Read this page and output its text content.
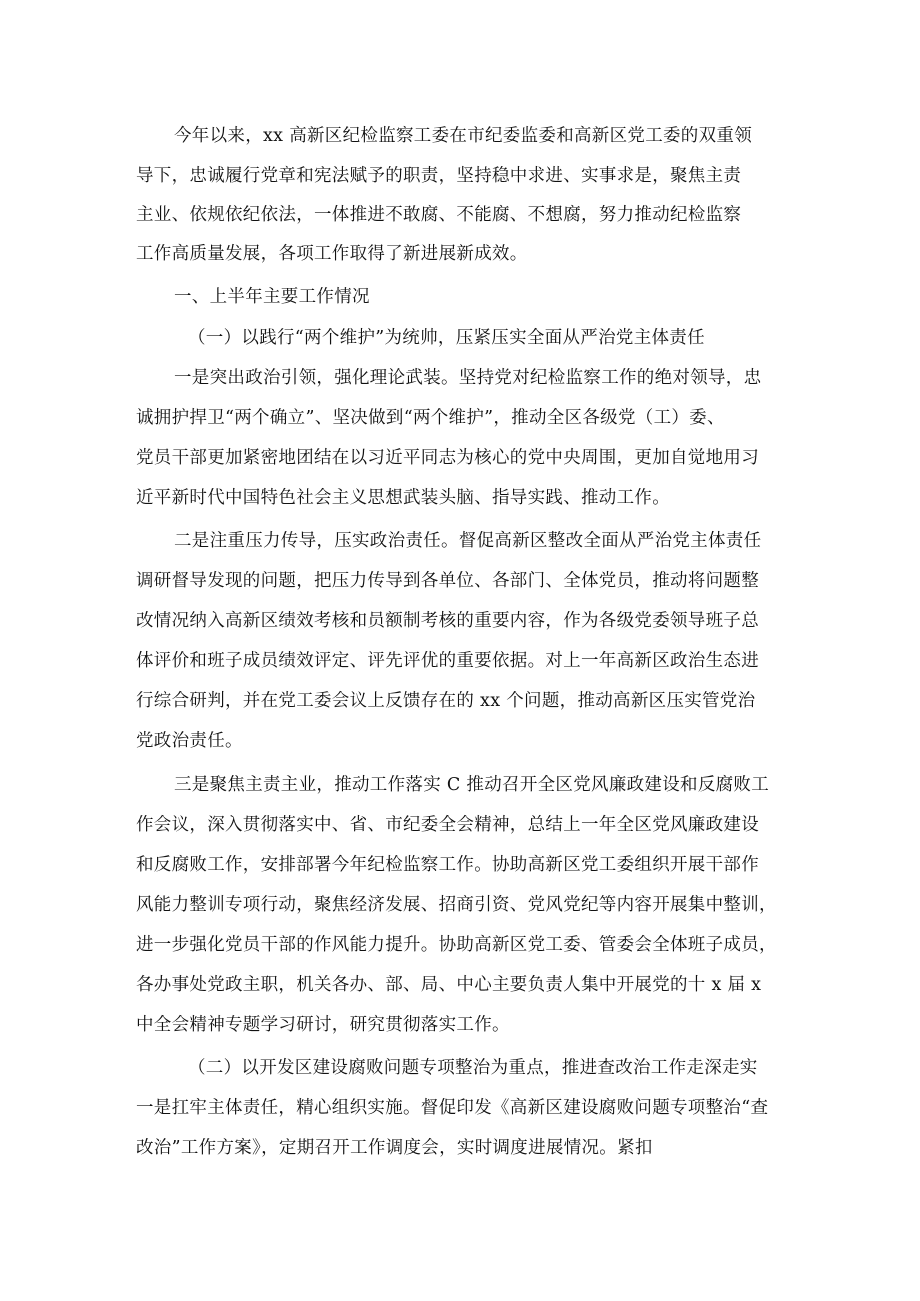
今年以来，xx 高新区纪检监察工委在市纪委监委和高新区党工委的双重领
导下，忠诚履行党章和宪法赋予的职责，坚持稳中求进、实事求是，聚焦主责
主业、依规依纪依法，一体推进不敢腐、不能腐、不想腐，努力推动纪检监察
工作高质量发展，各项工作取得了新进展新成效。
一、上半年主要工作情况
（一）以践行“两个维护”为统帅，压紧压实全面从严治党主体责任
一是突出政治引领，强化理论武装。坚持党对纪检监察工作的绝对领导，忠
诚拥护捍卫“两个确立”、坚决做到“两个维护”，推动全区各级党（工）委、
党员干部更加紧密地团结在以习近平同志为核心的党中央周围，更加自觉地用习
近平新时代中国特色社会主义思想武装头脑、指导实践、推动工作。
二是注重压力传导，压实政治责任。督促高新区整改全面从严治党主体责任
调研督导发现的问题，把压力传导到各单位、各部门、全体党员，推动将问题整
改情况纳入高新区绩效考核和员额制考核的重要内容，作为各级党委领导班子总
体评价和班子成员绩效评定、评先评优的重要依据。对上一年高新区政治生态进
行综合研判，并在党工委会议上反馈存在的 xx 个问题，推动高新区压实管党治
党政治责任。
三是聚焦主责主业，推动工作落实 C 推动召开全区党风廉政建设和反腐败工
作会议，深入贯彻落实中、省、市纪委全会精神，总结上一年全区党风廉政建设
和反腐败工作，安排部署今年纪检监察工作。协助高新区党工委组织开展干部作
风能力整训专项行动，聚焦经济发展、招商引资、党风党纪等内容开展集中整训，
进一步强化党员干部的作风能力提升。协助高新区党工委、管委会全体班子成员，
各办事处党政主职，机关各办、部、局、中心主要负责人集中开展党的十 x 届 x
中全会精神专题学习研讨，研究贯彻落实工作。
（二）以开发区建设腐败问题专项整治为重点，推进查改治工作走深走实
一是扛牢主体责任，精心组织实施。督促印发《高新区建设腐败问题专项整治“查
改治”工作方案》，定期召开工作调度会，实时调度进展情况。紧扣
